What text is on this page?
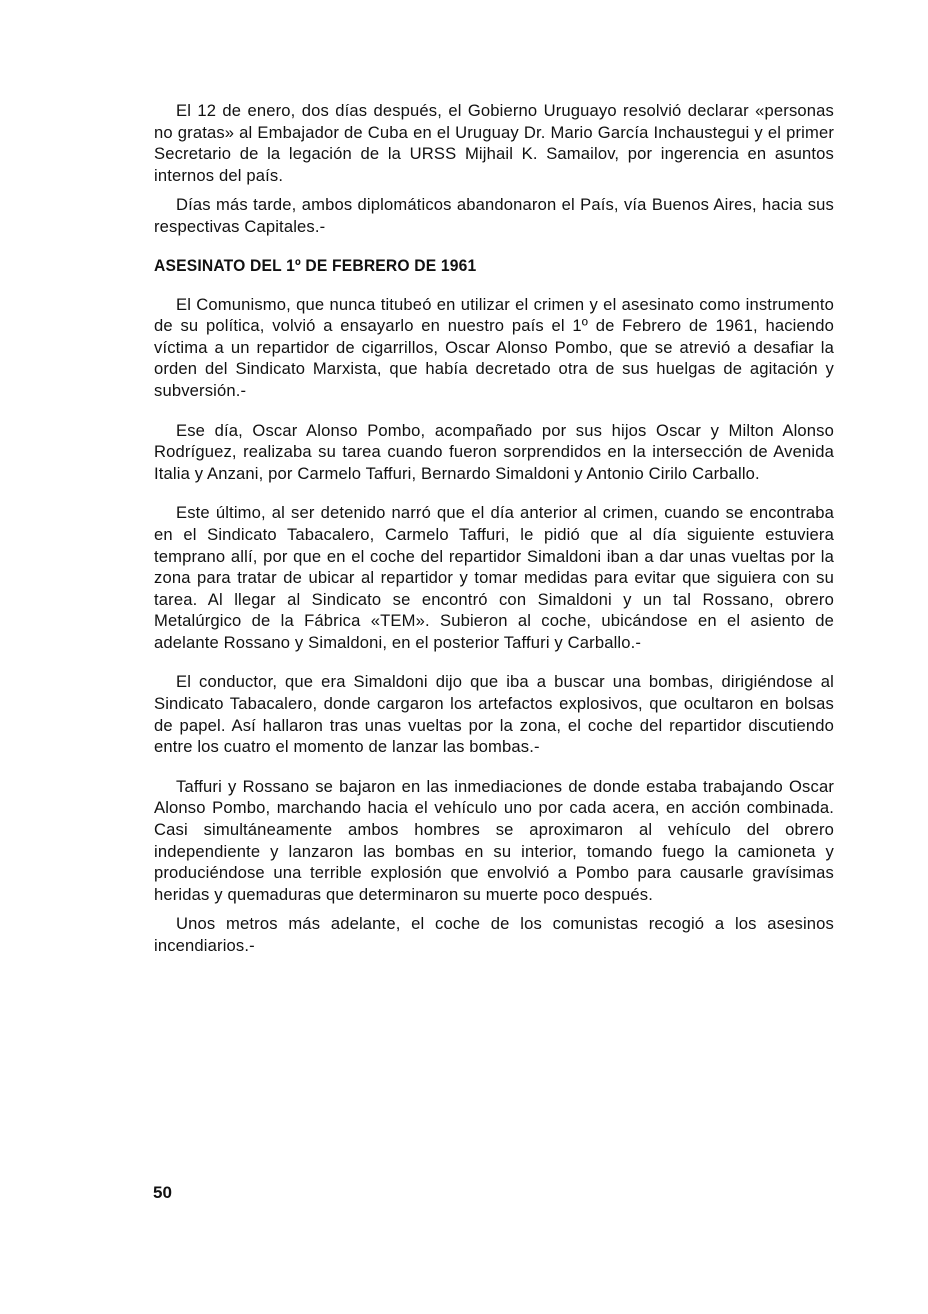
El 12 de enero, dos días después, el Gobierno Uruguayo resolvió declarar «personas no gratas» al Embajador de Cuba en el Uruguay Dr. Mario García Inchaustegui y el primer Secretario de la legación de la URSS Mijhail K. Samailov, por ingerencia en asuntos internos del país.

Días más tarde, ambos diplomáticos abandonaron el País, vía Buenos Aires, hacia sus respectivas Capitales.-

ASESINATO DEL 1º DE FEBRERO DE 1961

El Comunismo, que nunca titubeó en utilizar el crimen y el asesinato como instrumento de su política, volvió a ensayarlo en nuestro país el 1º de Febrero de 1961, haciendo víctima a un repartidor de cigarrillos, Oscar Alonso Pombo, que se atrevió a desafiar la orden del Sindicato Marxista, que había decretado otra de sus huelgas de agitación y subversión.-

Ese día, Oscar Alonso Pombo, acompañado por sus hijos Oscar y Milton Alonso Rodríguez, realizaba su tarea cuando fueron sorprendidos en la intersección de Avenida Italia y Anzani, por Carmelo Taffuri, Bernardo Simaldoni y Antonio Cirilo Carballo.

Este último, al ser detenido narró que el día anterior al crimen, cuando se encontraba en el Sindicato Tabacalero, Carmelo Taffuri, le pidió que al día siguiente estuviera temprano allí, por que en el coche del repartidor Simaldoni iban a dar unas vueltas por la zona para tratar de ubicar al repartidor y tomar medidas para evitar que siguiera con su tarea. Al llegar al Sindicato se encontró con Simaldoni y un tal Rossano, obrero Metalúrgico de la Fábrica «TEM». Subieron al coche, ubicándose en el asiento de adelante Rossano y Simaldoni, en el posterior Taffuri y Carballo.-

El conductor, que era Simaldoni dijo que iba a buscar una bombas, dirigiéndose al Sindicato Tabacalero, donde cargaron los artefactos explosivos, que ocultaron en bolsas de papel. Así hallaron tras unas vueltas por la zona, el coche del repartidor discutiendo entre los cuatro el momento de lanzar las bombas.-

Taffuri y Rossano se bajaron en las inmediaciones de donde estaba trabajando Oscar Alonso Pombo, marchando hacia el vehículo uno por cada acera, en acción combinada. Casi simultáneamente ambos hombres se aproximaron al vehículo del obrero independiente y lanzaron las bombas en su interior, tomando fuego la camioneta y produciéndose una terrible explosión que envolvió a Pombo para causarle gravísimas heridas y quemaduras que determinaron su muerte poco después.

Unos metros más adelante, el coche de los comunistas recogió a los asesinos incendiarios.-

50
